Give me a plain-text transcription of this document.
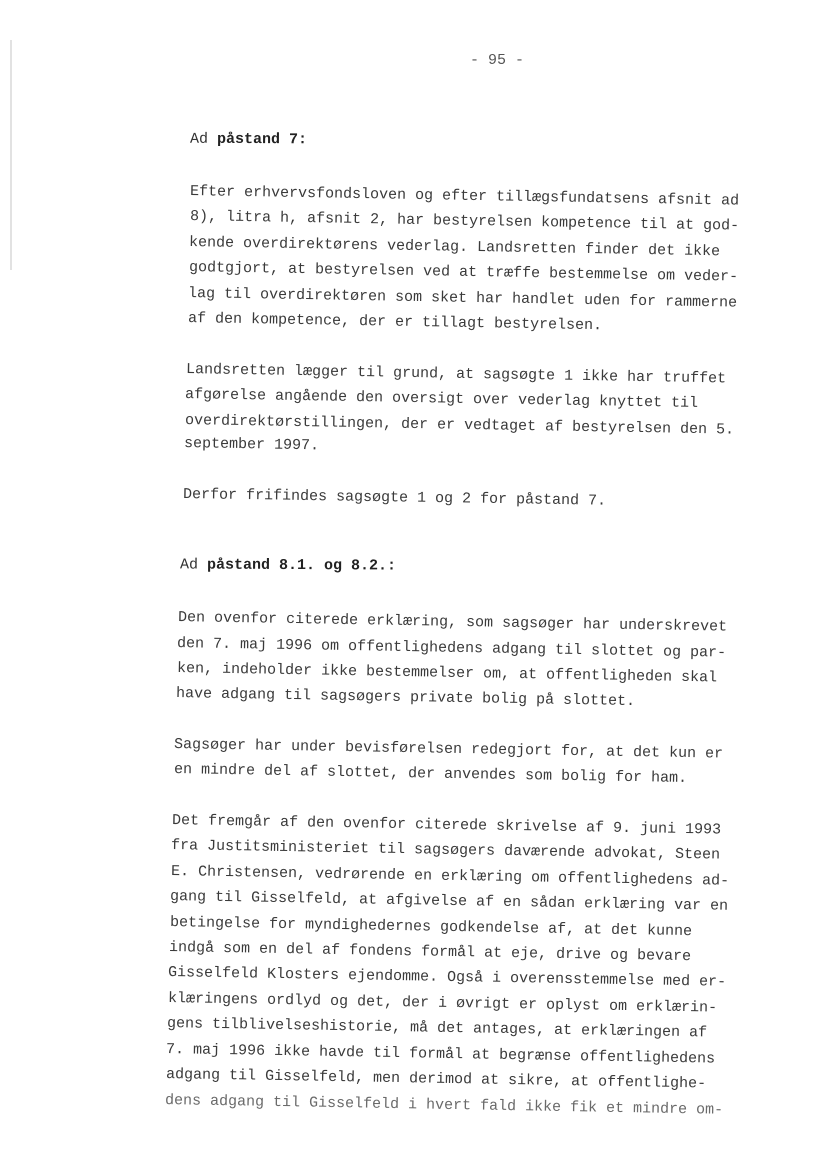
- 95 -
Ad påstand 7:
Efter erhvervsfondsloven og efter tillægsfundatsens afsnit ad
8), litra h, afsnit 2, har bestyrelsen kompetence til at god-
kende overdirektørens vederlag. Landsretten finder det ikke
godtgjort, at bestyrelsen ved at træffe bestemmelse om veder-
lag til overdirektøren som sket har handlet uden for rammerne
af den kompetence, der er tillagt bestyrelsen.
Landsretten lægger til grund, at sagsøgte 1 ikke har truffet
afgørelse angående den oversigt over vederlag knyttet til
overdirektørstillingen, der er vedtaget af bestyrelsen den 5.
september 1997.
Derfor frifindes sagsøgte 1 og 2 for påstand 7.
Ad påstand 8.1. og 8.2.:
Den ovenfor citerede erklæring, som sagsøger har underskrevet
den 7. maj 1996 om offentlighedens adgang til slottet og par-
ken, indeholder ikke bestemmelser om, at offentligheden skal
have adgang til sagsøgers private bolig på slottet.
Sagsøger har under bevisførelsen redegjort for, at det kun er
en mindre del af slottet, der anvendes som bolig for ham.
Det fremgår af den ovenfor citerede skrivelse af 9. juni 1993
fra Justitsministeriet til sagsøgers daværende advokat, Steen
E. Christensen, vedrørende en erklæring om offentlighedens ad-
gang til Gisselfeld, at afgivelse af en sådan erklæring var en
betingelse for myndighedernes godkendelse af, at det kunne
indgå som en del af fondens formål at eje, drive og bevare
Gisselfeld Klosters ejendomme. Også i overensstemmelse med er-
klæringens ordlyd og det, der i øvrigt er oplyst om erklærin-
gens tilblivelseshistorie, må det antages, at erklæringen af
7. maj 1996 ikke havde til formål at begrænse offentlighedens
adgang til Gisselfeld, men derimod at sikre, at offentlighe-
dens adgang til Gisselfeld i hvert fald ikke fik et mindre om-
